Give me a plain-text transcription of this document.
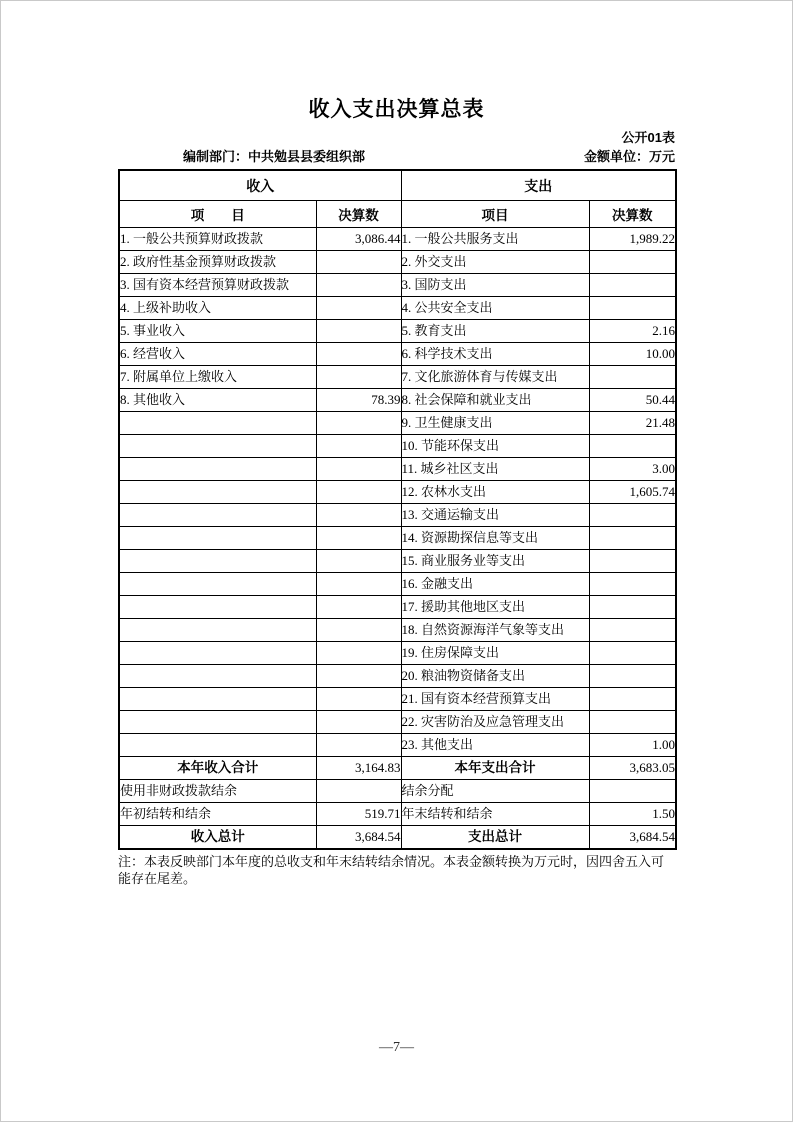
收入支出决算总表
公开01表
编制部门：中共勉县县委组织部	金额单位：万元
收入		支出	
项　　目	决算数	项目	决算数
1. 一般公共预算财政拨款	3,086.44	1. 一般公共服务支出	1,989.22
2. 政府性基金预算财政拨款		2. 外交支出	
3. 国有资本经营预算财政拨款		3. 国防支出	
4. 上级补助收入		4. 公共安全支出	
5. 事业收入		5. 教育支出	2.16
6. 经营收入		6. 科学技术支出	10.00
7. 附属单位上缴收入		7. 文化旅游体育与传媒支出	
8. 其他收入	78.39	8. 社会保障和就业支出	50.44
		9. 卫生健康支出	21.48
		10. 节能环保支出	
		11. 城乡社区支出	3.00
		12. 农林水支出	1,605.74
		13. 交通运输支出	
		14. 资源勘探信息等支出	
		15. 商业服务业等支出	
		16. 金融支出	
		17. 援助其他地区支出	
		18. 自然资源海洋气象等支出	
		19. 住房保障支出	
		20. 粮油物资储备支出	
		21. 国有资本经营预算支出	
		22. 灾害防治及应急管理支出	
		23. 其他支出	1.00
本年收入合计	3,164.83	本年支出合计	3,683.05
使用非财政拨款结余		结余分配	
年初结转和结余	519.71	年末结转和结余	1.50
收入总计	3,684.54	支出总计	3,684.54
注：本表反映部门本年度的总收支和年末结转结余情况。本表金额转换为万元时，因四舍五入可
能存在尾差。
—7—
